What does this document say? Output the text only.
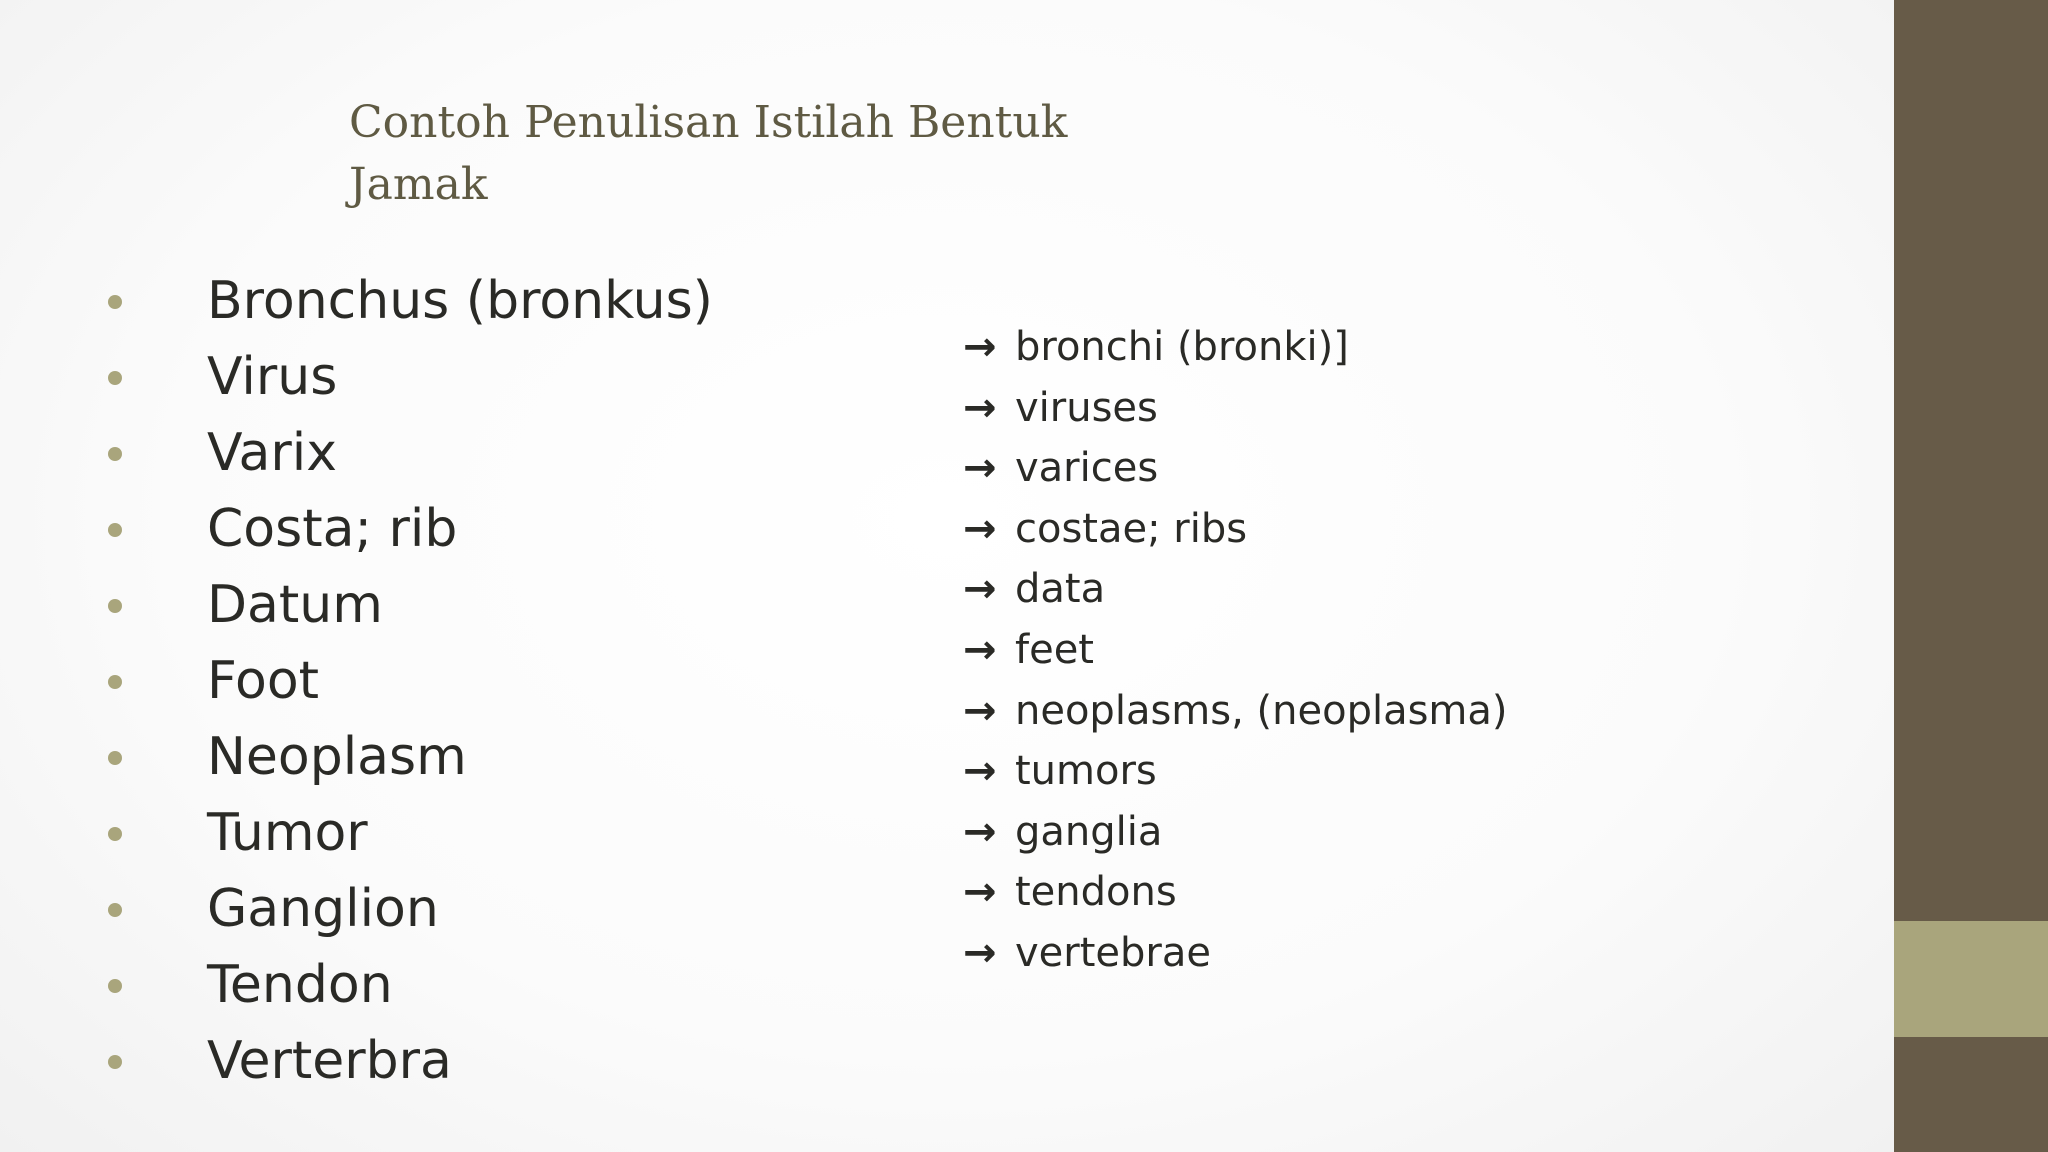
Contoh Penulisan Istilah Bentuk Jamak
Bronchus (bronkus)
Virus
Varix
Costa; rib
Datum
Foot
Neoplasm
Tumor
Ganglion
Tendon
Verterbra
→ bronchi (bronki)]
→ viruses
→ varices
→ costae; ribs
→ data
→ feet
→ neoplasms, (neoplasma)
→ tumors
→ ganglia
→ tendons
→ vertebrae
